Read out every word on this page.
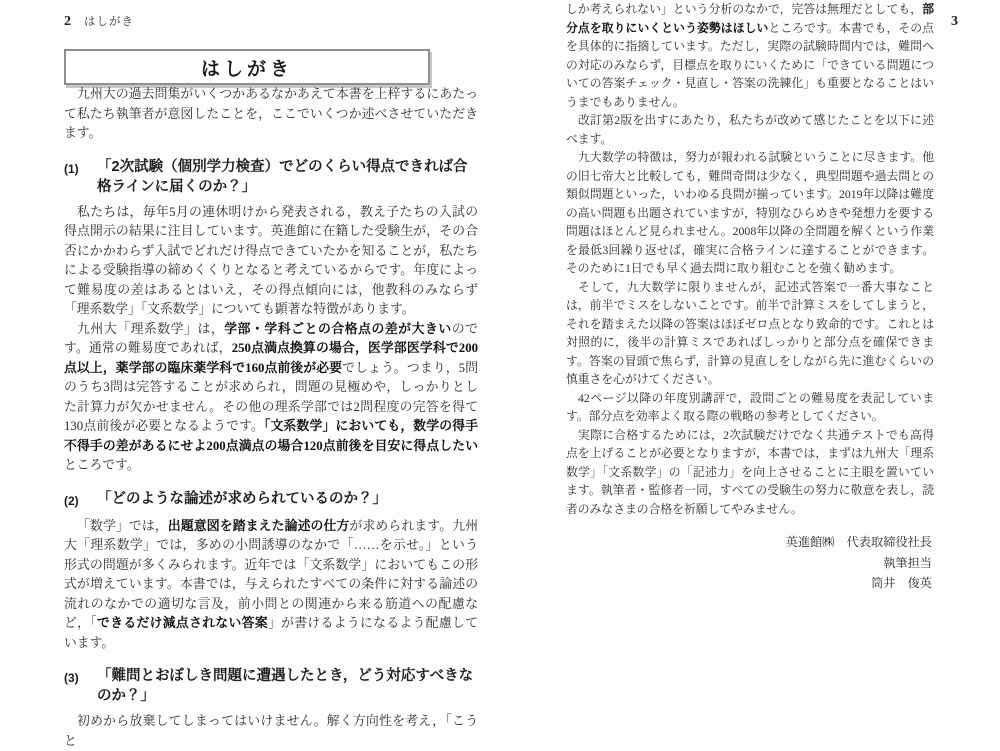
2 はしがき
はしがき

九州大の過去問集がいくつかあるなかあえて本書を上梓するにあたって私たち執筆者が意図したことを，ここでいくつか述べさせていただきます。

(1)	「2次試験（個別学力検査）でどのくらい得点できれば合格ラインに届くのか？」

私たちは，毎年5月の連休明けから発表される，教え子たちの入試の得点開示の結果に注目しています。英進館に在籍した受験生が，その合否にかかわらず入試でどれだけ得点できていたかを知ることが，私たちによる受験指導の締めくくりとなると考えているからです。年度によって難易度の差はあるとはいえ，その得点傾向には，他教科のみならず「理系数学」「文系数学」についても顕著な特徴があります。

九州大「理系数学」は，学部・学科ごとの合格点の差が大きいのです。通常の難易度であれば，250点満点換算の場合，医学部医学科で200点以上，薬学部の臨床薬学科で160点前後が必要でしょう。つまり，5問のうち3問は完答することが求められ，問題の見極めや，しっかりとした計算力が欠かせません。その他の理系学部では2問程度の完答を得て130点前後が必要となるようです。「文系数学」においても，数学の得手不得手の差があるにせよ200点満点の場合120点前後を目安に得点したいところです。

(2)	「どのような論述が求められているのか？」

「数学」では，出題意図を踏まえた論述の仕方が求められます。九州大「理系数学」では，多めの小問誘導のなかで「……を示せ。」という形式の問題が多くみられます。近年では「文系数学」においてもこの形式が増えています。本書では，与えられたすべての条件に対する論述の流れのなかでの適切な言及，前小問との関連から来る筋道への配慮など，「できるだけ減点されない答案」が書けるようになるよう配慮しています。

(3)	「難問とおぼしき問題に遭遇したとき，どう対応すべきなのか？」

初めから放棄してしまってはいけません。解く方向性を考え，「こうと

しか考えられない」という分析のなかで，完答は無理だとしても，部分点を取りにいくという姿勢はほしいところです。本書でも，その点を具体的に指摘しています。ただし，実際の試験時間内では，難問への対応のみならず，目標点を取りにいくために「できている問題についての答案チェック・見直し・答案の洗練化」も重要となることはいうまでもありません。

改訂第2版を出すにあたり，私たちが改めて感じたことを以下に述べます。

九大数学の特徴は，努力が報われる試験ということに尽きます。他の旧七帝大と比較しても，難問奇問は少なく，典型問題や過去問との類似問題といった，いわゆる良問が揃っています。2019年以降は難度の高い問題も出題されていますが，特別なひらめきや発想力を要する問題はほとんど見られません。2008年以降の全問題を解くという作業を最低3回繰り返せば，確実に合格ラインに達することができます。そのために1日でも早く過去問に取り組むことを強く勧めます。

そして，九大数学に限りませんが，記述式答案で一番大事なことは，前半でミスをしないことです。前半で計算ミスをしてしまうと，それを踏まえた以降の答案はほぼゼロ点となり致命的です。これとは対照的に，後半の計算ミスであればしっかりと部分点を確保できます。答案の冒頭で焦らず，計算の見直しをしながら先に進むくらいの慎重さを心がけてください。

42ページ以降の年度別講評で，設問ごとの難易度を表記しています。部分点を効率よく取る際の戦略の参考としてください。

実際に合格するためには，2次試験だけでなく共通テストでも高得点を上げることが必要となりますが，本書では，まずは九州大「理系数学」「文系数学」の「記述力」を向上させることに主眼を置いています。執筆者・監修者一同，すべての受験生の努力に敬意を表し，読者のみなさまの合格を祈願してやみません。

英進館㈱　代表取締役社長
執筆担当
筒井　俊英
3
